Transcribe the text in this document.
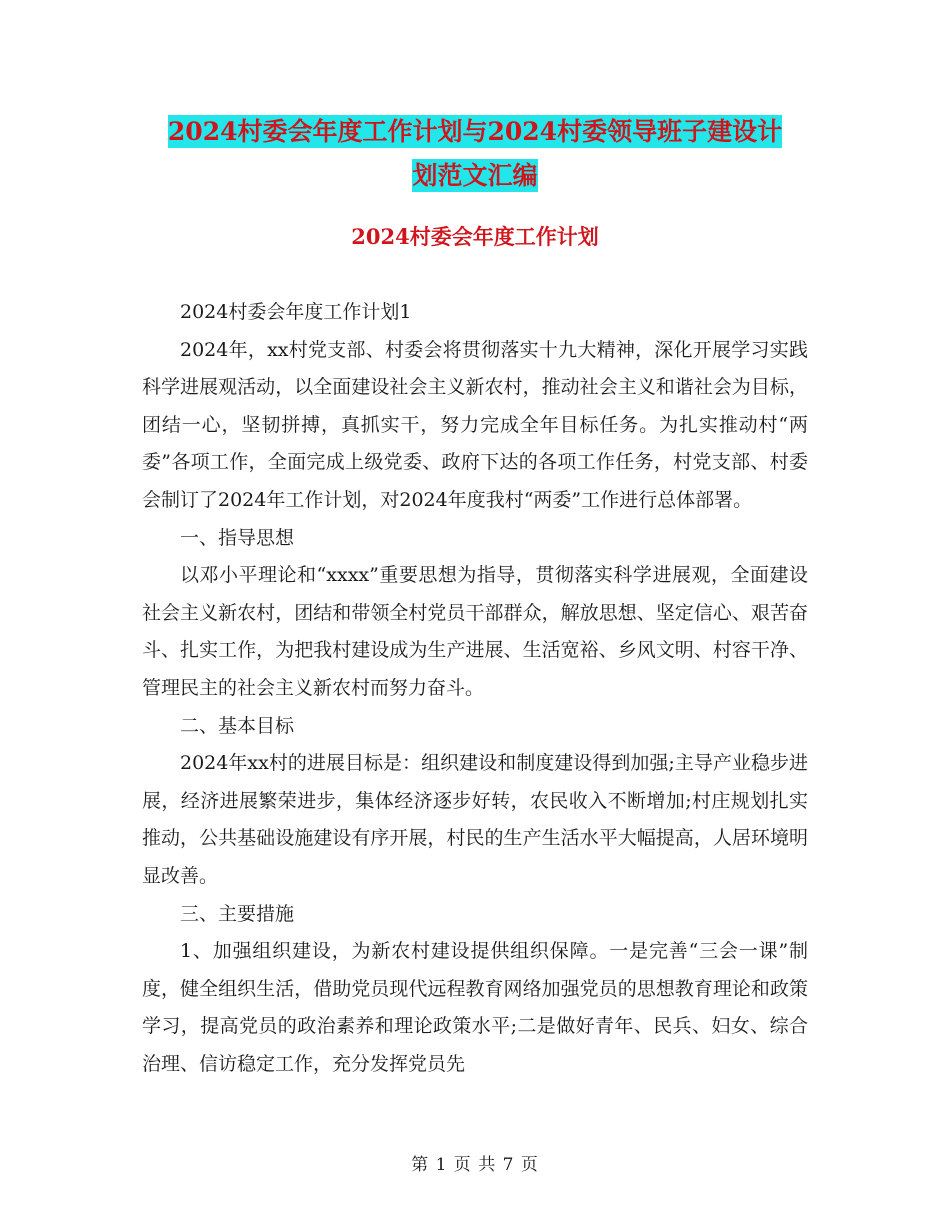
2024村委会年度工作计划与2024村委领导班子建设计
划范文汇编
2024村委会年度工作计划

2024村委会年度工作计划1

2024年，xx村党支部、村委会将贯彻落实十九大精神，深化开展学习实践科学进展观活动，以全面建设社会主义新农村，推动社会主义和谐社会为目标，团结一心，坚韧拼搏，真抓实干，努力完成全年目标任务。为扎实推动村“两委”各项工作，全面完成上级党委、政府下达的各项工作任务，村党支部、村委会制订了2024年工作计划，对2024年度我村“两委”工作进行总体部署。

一、指导思想

以邓小平理论和“xxxx”重要思想为指导，贯彻落实科学进展观，全面建设社会主义新农村，团结和带领全村党员干部群众，解放思想、坚定信心、艰苦奋斗、扎实工作，为把我村建设成为生产进展、生活宽裕、乡风文明、村容干净、管理民主的社会主义新农村而努力奋斗。

二、基本目标

2024年xx村的进展目标是：组织建设和制度建设得到加强;主导产业稳步进展，经济进展繁荣进步，集体经济逐步好转，农民收入不断增加;村庄规划扎实推动，公共基础设施建设有序开展，村民的生产生活水平大幅提高，人居环境明显改善。

三、主要措施

1、加强组织建设，为新农村建设提供组织保障。一是完善“三会一课”制度，健全组织生活，借助党员现代远程教育网络加强党员的思想教育理论和政策学习，提高党员的政治素养和理论政策水平;二是做好青年、民兵、妇女、综合治理、信访稳定工作，充分发挥党员先

第 1 页 共 7 页
